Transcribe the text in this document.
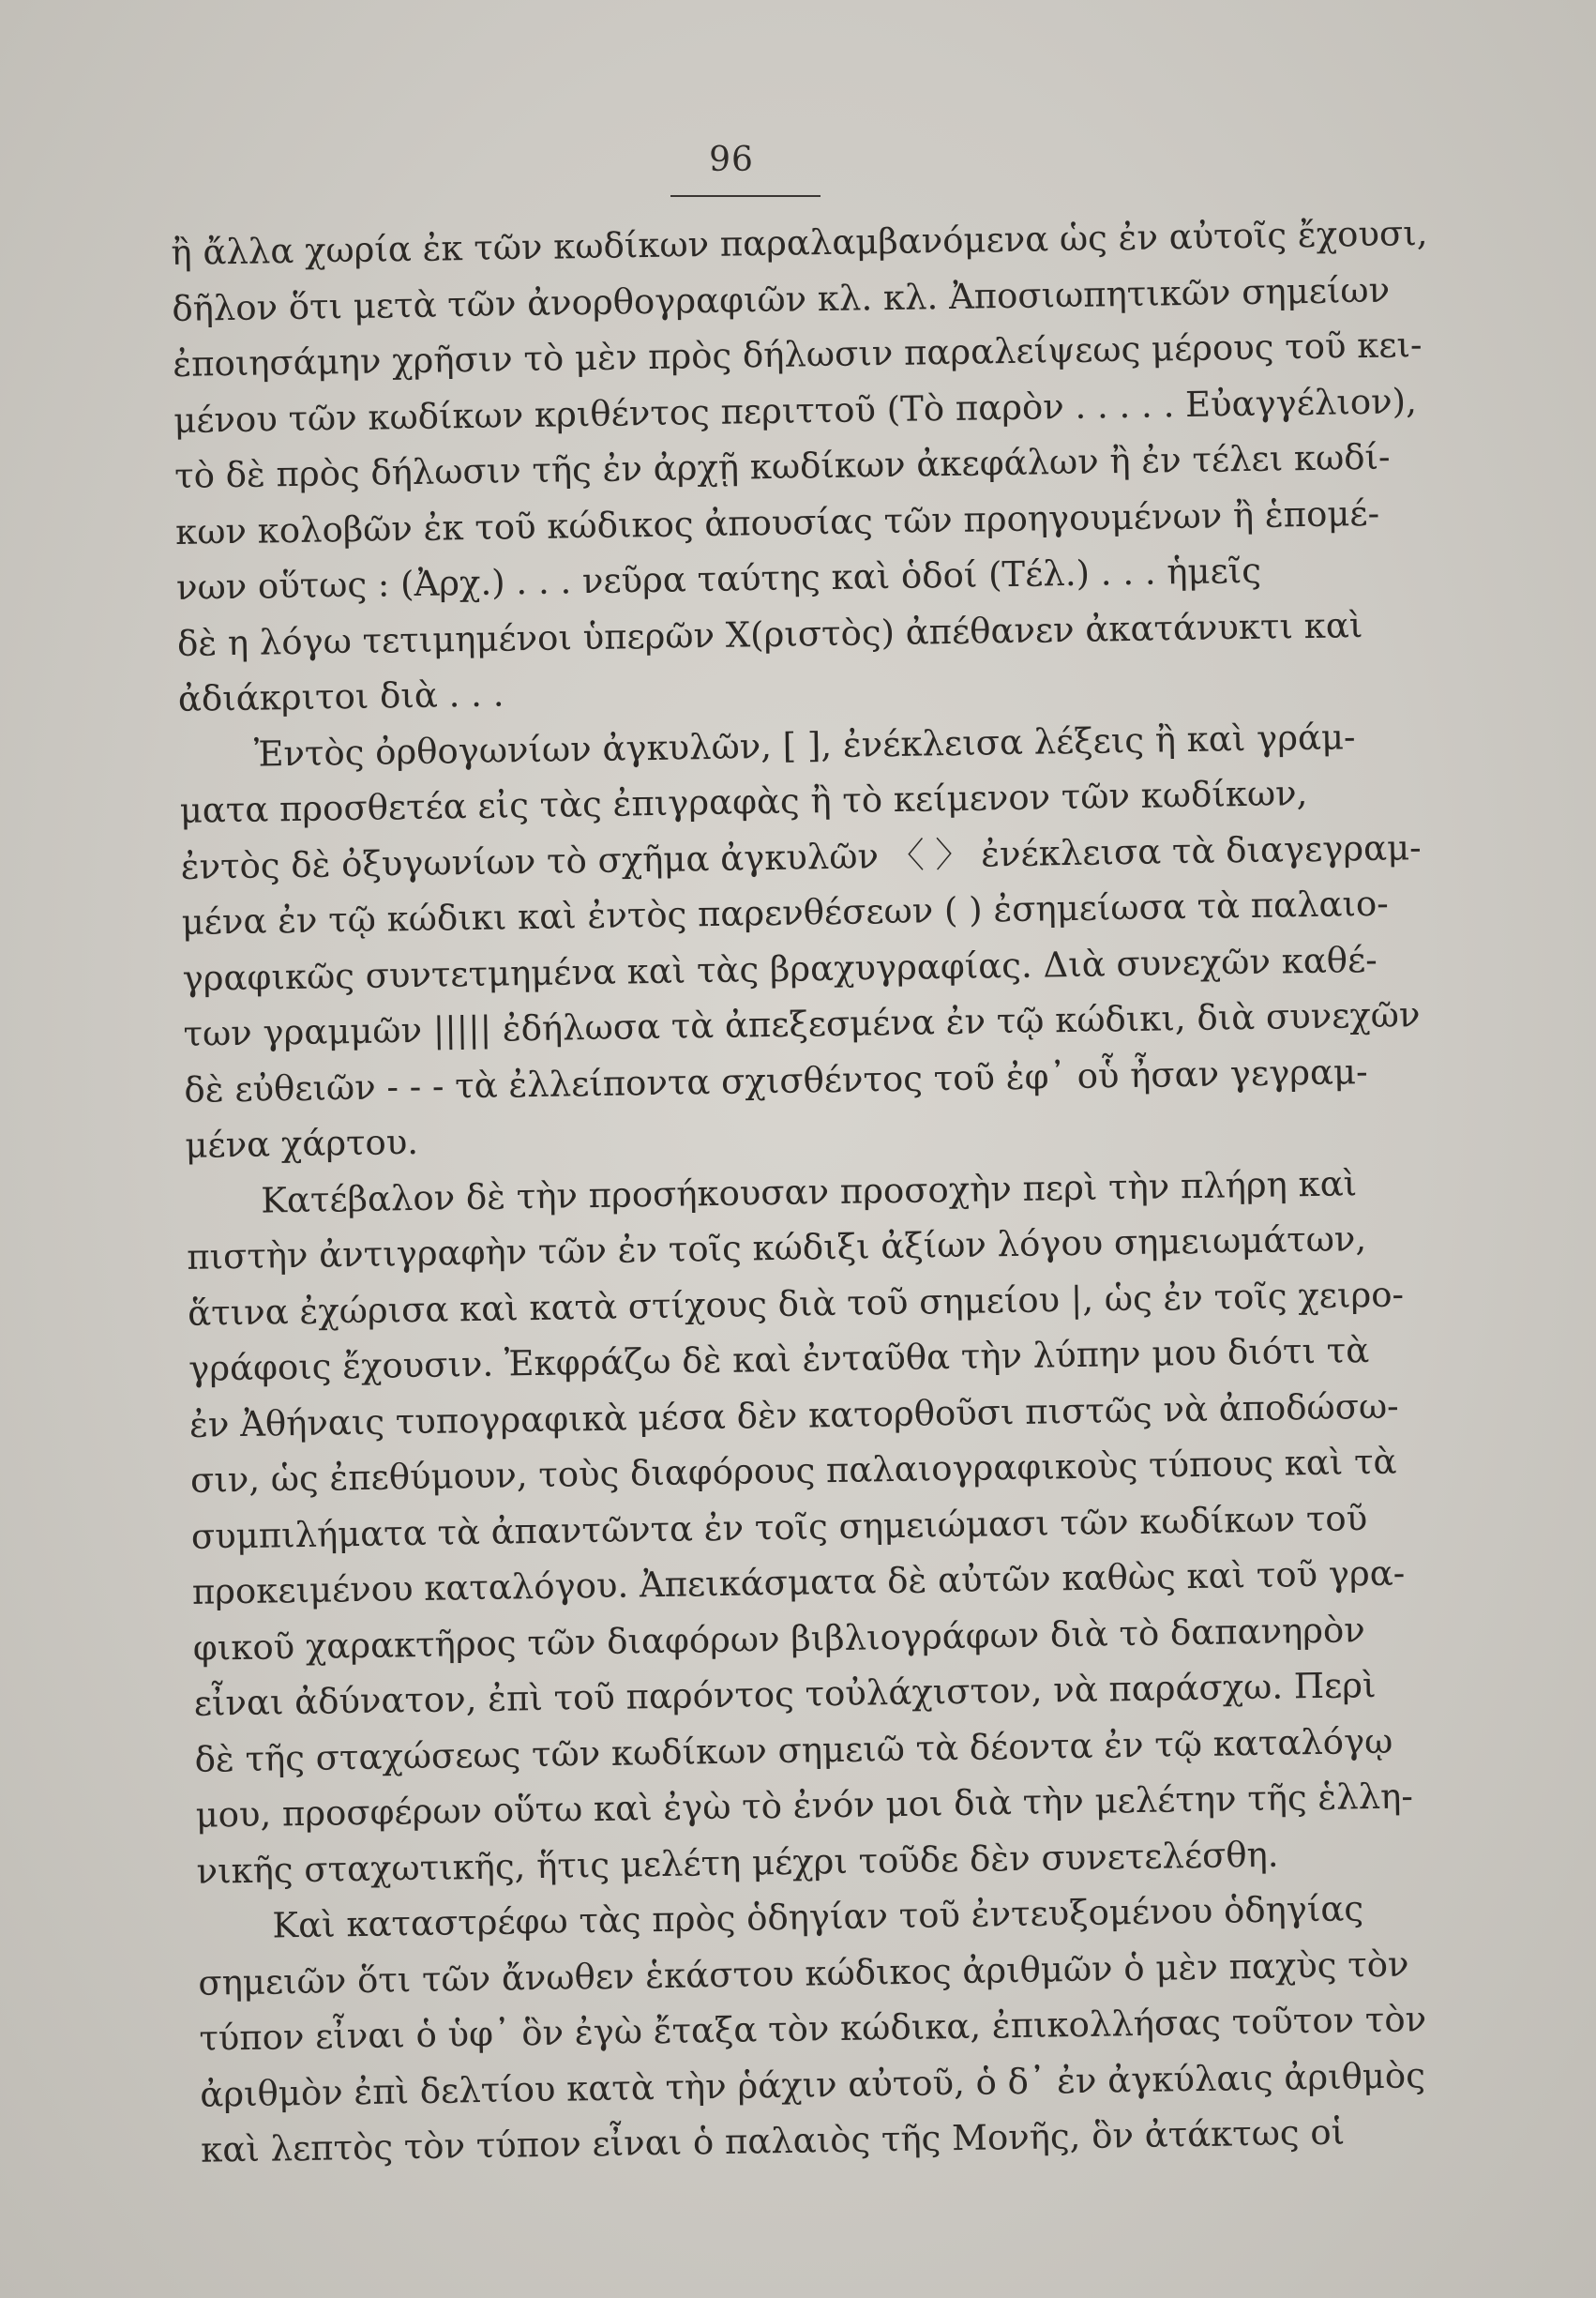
96
ἢ ἄλλα χωρία ἐκ τῶν κωδίκων παραλαμβανόμενα ὡς ἐν αὐτοῖς ἔχουσι,
δῆλον ὅτι μετὰ τῶν ἀνορθογραφιῶν κλ. κλ. Ἀποσιωπητικῶν σημείων
ἐποιησάμην χρῆσιν τὸ μὲν πρὸς δήλωσιν παραλείψεως μέρους τοῦ κει-
μένου τῶν κωδίκων κριθέντος περιττοῦ (Τὸ παρὸν . . . . . Εὐαγγέλιον),
τὸ δὲ πρὸς δήλωσιν τῆς ἐν ἀρχῇ κωδίκων ἀκεφάλων ἢ ἐν τέλει κωδί-
κων κολοβῶν ἐκ τοῦ κώδικος ἀπουσίας τῶν προηγουμένων ἢ ἑπομέ-
νων οὕτως : (Ἀρχ.) . . . νεῦρα ταύτης καὶ ὁδοί (Τέλ.) . . . ἡμεῖς
δὲ η λόγω τετιμημένοι ὑπερῶν Χ(ριστὸς) ἀπέθανεν ἀκατάνυκτι καὶ
ἀδιάκριτοι διὰ . . .
Ἐντὸς ὀρθογωνίων ἀγκυλῶν, [ ], ἐνέκλεισα λέξεις ἢ καὶ γράμ-
ματα προσθετέα εἰς τὰς ἐπιγραφὰς ἢ τὸ κείμενον τῶν κωδίκων,
ἐντὸς δὲ ὀξυγωνίων τὸ σχῆμα ἀγκυλῶν 〈 〉 ἐνέκλεισα τὰ διαγεγραμ-
μένα ἐν τῷ κώδικι καὶ ἐντὸς παρενθέσεων ( ) ἐσημείωσα τὰ παλαιο-
γραφικῶς συντετμημένα καὶ τὰς βραχυγραφίας. Διὰ συνεχῶν καθέ-
των γραμμῶν ||||| ἐδήλωσα τὰ ἀπεξεσμένα ἐν τῷ κώδικι, διὰ συνεχῶν
δὲ εὐθειῶν - - - τὰ ἐλλείποντα σχισθέντος τοῦ ἐφ᾿ οὗ ἦσαν γεγραμ-
μένα χάρτου.
Κατέβαλον δὲ τὴν προσήκουσαν προσοχὴν περὶ τὴν πλήρη καὶ
πιστὴν ἀντιγραφὴν τῶν ἐν τοῖς κώδιξι ἀξίων λόγου σημειωμάτων,
ἅτινα ἐχώρισα καὶ κατὰ στίχους διὰ τοῦ σημείου |, ὡς ἐν τοῖς χειρο-
γράφοις ἔχουσιν. Ἐκφράζω δὲ καὶ ἐνταῦθα τὴν λύπην μου διότι τὰ
ἐν Ἀθήναις τυπογραφικὰ μέσα δὲν κατορθοῦσι πιστῶς νὰ ἀποδώσω-
σιν, ὡς ἐπεθύμουν, τοὺς διαφόρους παλαιογραφικοὺς τύπους καὶ τὰ
συμπιλήματα τὰ ἀπαντῶντα ἐν τοῖς σημειώμασι τῶν κωδίκων τοῦ
προκειμένου καταλόγου. Ἀπεικάσματα δὲ αὐτῶν καθὼς καὶ τοῦ γρα-
φικοῦ χαρακτῆρος τῶν διαφόρων βιβλιογράφων διὰ τὸ δαπανηρὸν
εἶναι ἀδύνατον, ἐπὶ τοῦ παρόντος τοὐλάχιστον, νὰ παράσχω. Περὶ
δὲ τῆς σταχώσεως τῶν κωδίκων σημειῶ τὰ δέοντα ἐν τῷ καταλόγῳ
μου, προσφέρων οὕτω καὶ ἐγὼ τὸ ἐνόν μοι διὰ τὴν μελέτην τῆς ἑλλη-
νικῆς σταχωτικῆς, ἥτις μελέτη μέχρι τοῦδε δὲν συνετελέσθη.
Καὶ καταστρέφω τὰς πρὸς ὁδηγίαν τοῦ ἐντευξομένου ὁδηγίας
σημειῶν ὅτι τῶν ἄνωθεν ἑκάστου κώδικος ἀριθμῶν ὁ μὲν παχὺς τὸν
τύπον εἶναι ὁ ὑφ᾿ ὃν ἐγὼ ἔταξα τὸν κώδικα, ἐπικολλήσας τοῦτον τὸν
ἀριθμὸν ἐπὶ δελτίου κατὰ τὴν ῥάχιν αὐτοῦ, ὁ δ᾿ ἐν ἀγκύλαις ἀριθμὸς
καὶ λεπτὸς τὸν τύπον εἶναι ὁ παλαιὸς τῆς Μονῆς, ὃν ἀτάκτως οἱ
